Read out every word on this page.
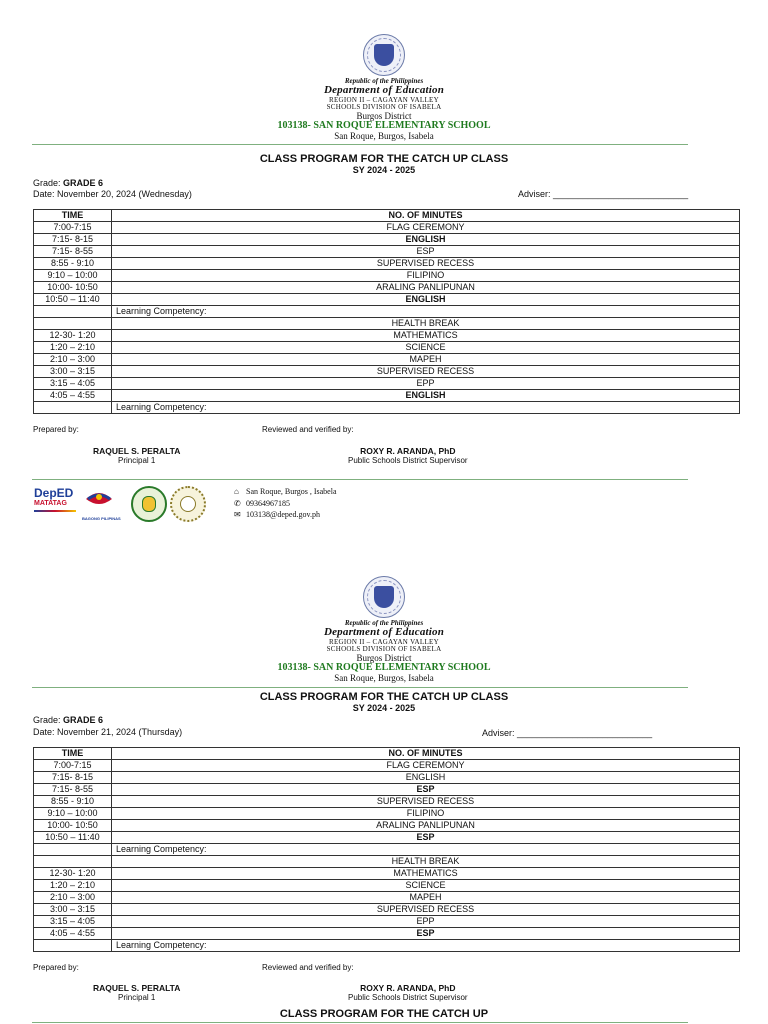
Republic of the Philippines
Department of Education
REGION II – CAGAYAN VALLEY
SCHOOLS DIVISION OF ISABELA
Burgos District
103138- SAN ROQUE ELEMENTARY SCHOOL
San Roque, Burgos, Isabela
CLASS PROGRAM FOR THE CATCH UP CLASS
SY 2024 - 2025
Grade: GRADE 6
Date: November 20, 2024 (Wednesday)	Adviser: ___________________________
TIME	NO. OF MINUTES
7:00-7:15	FLAG CEREMONY
7:15- 8-15	ENGLISH
7:15- 8-55	ESP
8:55 - 9:10	SUPERVISED RECESS
9:10 – 10:00	FILIPINO
10:00- 10:50	ARALING PANLIPUNAN
10:50 – 11:40	ENGLISH
	Learning Competency:
	HEALTH BREAK
12-30- 1:20	MATHEMATICS
1:20 – 2:10	SCIENCE
2:10 – 3:00	MAPEH
3:00 – 3:15	SUPERVISED RECESS
3:15 – 4:05	EPP
4:05 – 4:55	ENGLISH
	Learning Competency:
Prepared by:	Reviewed and verified by:
RAQUEL S. PERALTA
Principal 1
ROXY R. ARANDA, PhD
Public Schools District Supervisor
DepED
MATATAG
BAGONG PILIPINAS
⌂ San Roque, Burgos , Isabela
✆ 09364967185
✉ 103138@deped.gov.ph
Republic of the Philippines
Department of Education
REGION II – CAGAYAN VALLEY
SCHOOLS DIVISION OF ISABELA
Burgos District
103138- SAN ROQUE ELEMENTARY SCHOOL
San Roque, Burgos, Isabela
CLASS PROGRAM FOR THE CATCH UP CLASS
SY 2024 - 2025
Grade: GRADE 6
Date: November 21, 2024 (Thursday)	Adviser: ___________________________
TIME	NO. OF MINUTES
7:00-7:15	FLAG CEREMONY
7:15- 8-15	ENGLISH
7:15- 8-55	ESP
8:55 - 9:10	SUPERVISED RECESS
9:10 – 10:00	FILIPINO
10:00- 10:50	ARALING PANLIPUNAN
10:50 – 11:40	ESP
	Learning Competency:
	HEALTH BREAK
12-30- 1:20	MATHEMATICS
1:20 – 2:10	SCIENCE
2:10 – 3:00	MAPEH
3:00 – 3:15	SUPERVISED RECESS
3:15 – 4:05	EPP
4:05 – 4:55	ESP
	Learning Competency:
Prepared by:	Reviewed and verified by:
RAQUEL S. PERALTA
Principal 1
ROXY R. ARANDA, PhD
Public Schools District Supervisor
CLASS PROGRAM FOR THE CATCH UP
